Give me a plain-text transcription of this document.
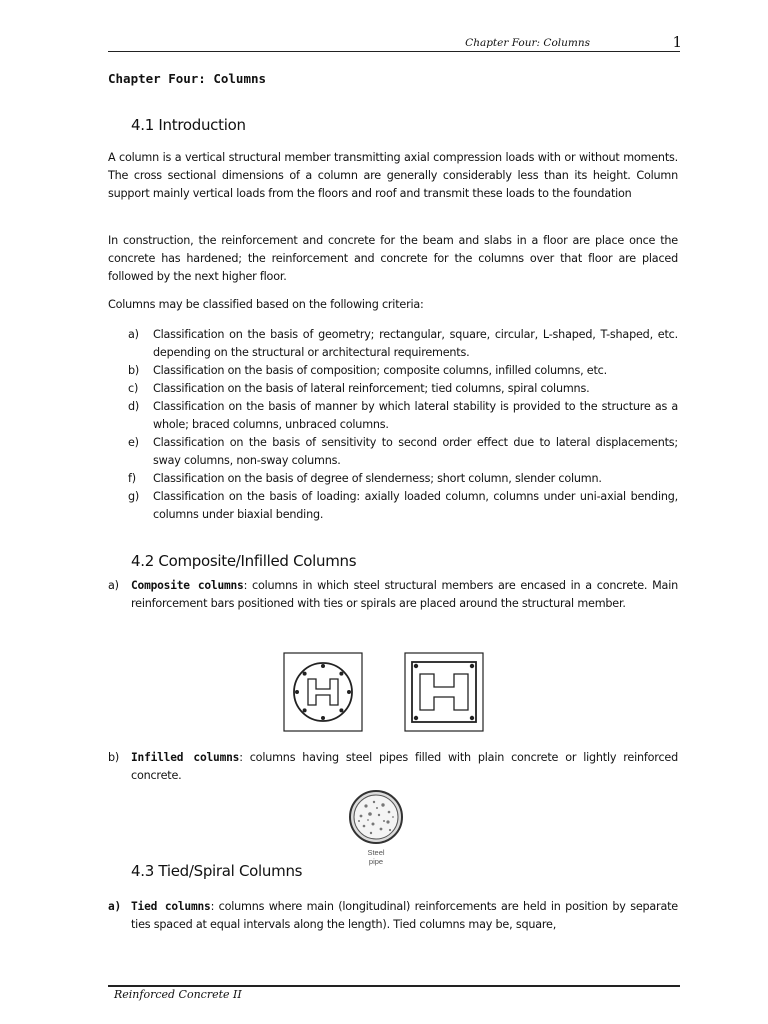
Chapter Four: Columns	1
Chapter Four: Columns
4.1 Introduction
A column is a vertical structural member transmitting axial compression loads with or without moments. The cross sectional dimensions of a column are generally considerably less than its height. Column support mainly vertical loads from the floors and roof and transmit these loads to the foundation
In construction, the reinforcement and concrete for the beam and slabs in a floor are place once the concrete has hardened; the reinforcement and concrete for the columns over that floor are placed followed by the next higher floor.
Columns may be classified based on the following criteria:
a)	Classification on the basis of geometry; rectangular, square, circular, L-shaped, T-shaped, etc. depending on the structural or architectural requirements.
b)	Classification on the basis of composition; composite columns, infilled columns, etc.
c)	Classification on the basis of lateral reinforcement; tied columns, spiral columns.
d)	Classification on the basis of manner by which lateral stability is provided to the structure as a whole; braced columns, unbraced columns.
e)	Classification on the basis of sensitivity to second order effect due to lateral displacements; sway columns, non-sway columns.
f)	Classification on the basis of degree of slenderness; short column, slender column.
g)	Classification on the basis of loading: axially loaded column, columns under uni-axial bending, columns under biaxial bending.
4.2 Composite/Infilled Columns
a)	Composite columns: columns in which steel structural members are encased in a concrete. Main reinforcement bars positioned with ties or spirals are placed around the structural member.
b)	Infilled columns: columns having steel pipes filled with plain concrete or lightly reinforced concrete.
Steel
pipe
4.3 Tied/Spiral Columns
a) Tied columns: columns where main (longitudinal) reinforcements are held in position by separate ties spaced at equal intervals along the length). Tied columns may be, square,
Reinforced Concrete II
